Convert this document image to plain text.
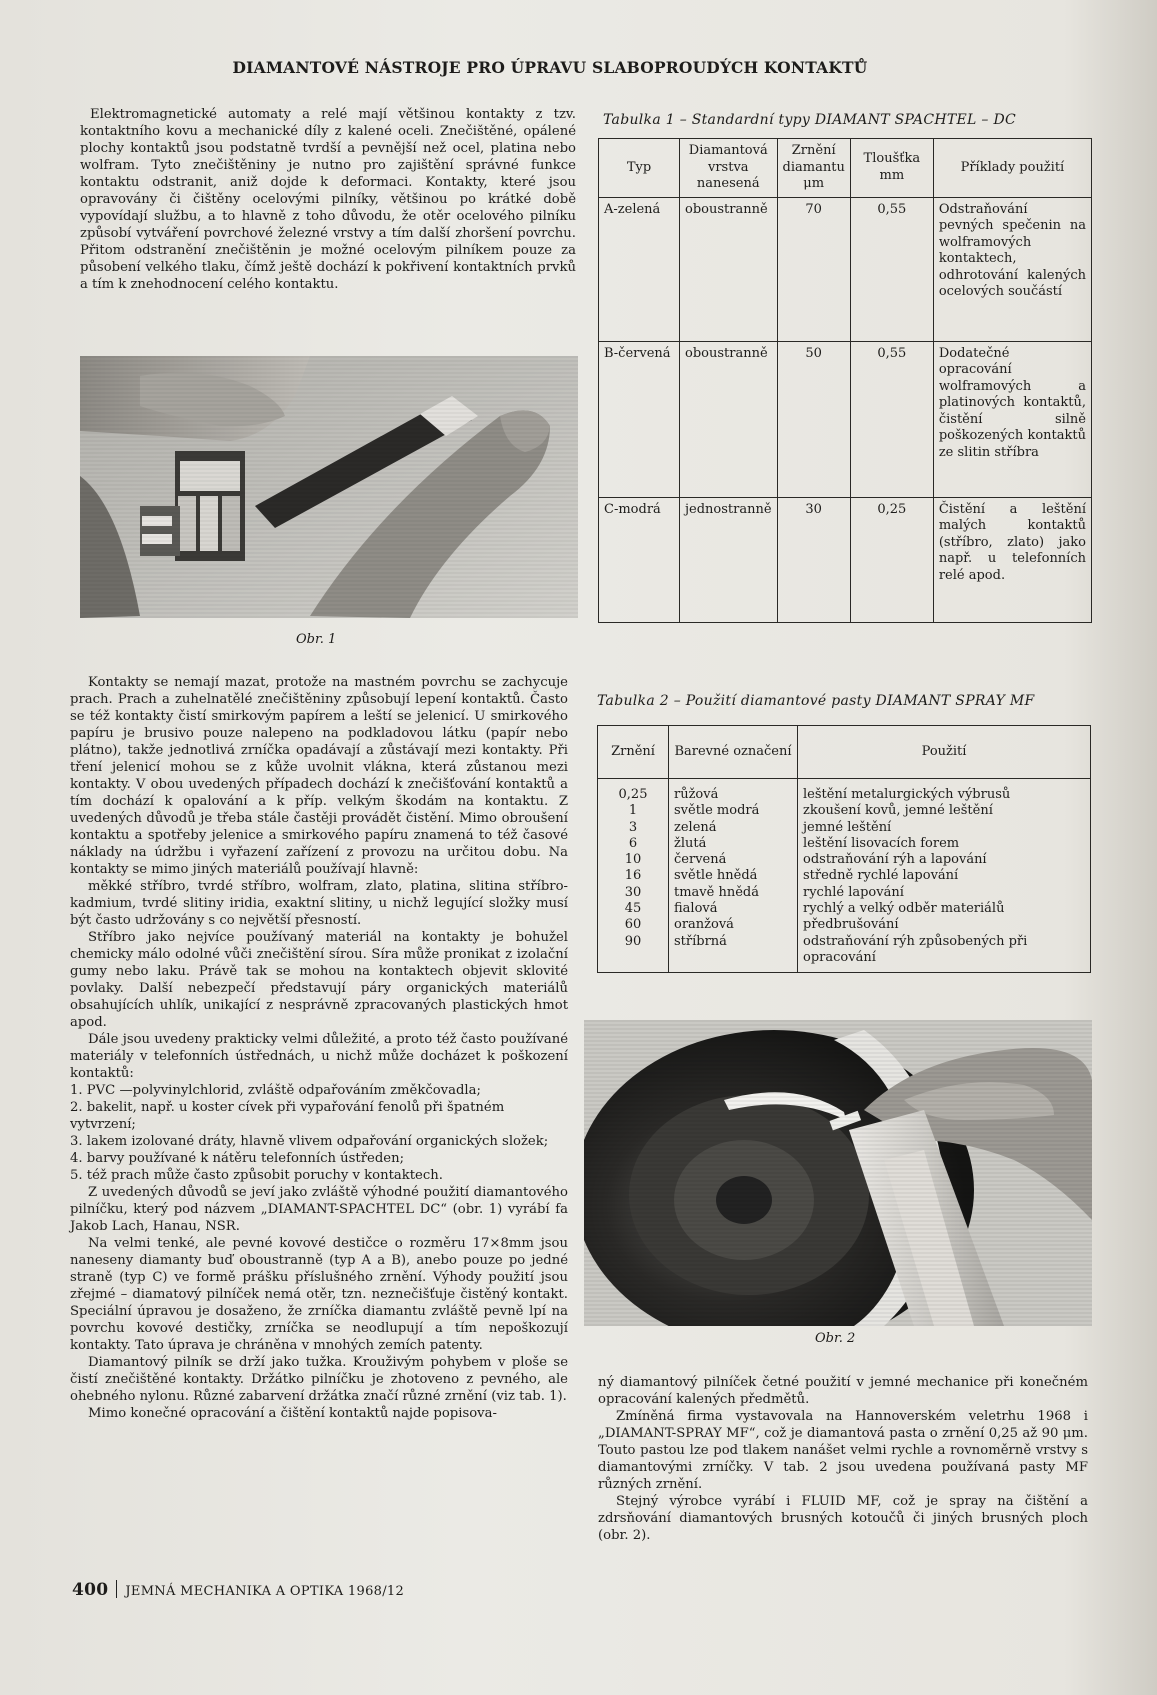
DIAMANTOVÉ NÁSTROJE PRO ÚPRAVU SLABOPROUDÝCH KONTAKTŮ

Elektromagnetické automaty a relé mají většinou kontakty z tzv. kontaktního kovu a mechanické díly z kalené oceli. Znečištěné, opálené plochy kontaktů jsou podstatně tvrdší a pevnější než ocel, platina nebo wolfram. Tyto znečištěniny je nutno pro zajištění správné funkce kontaktu odstranit, aniž dojde k deformaci. Kontakty, které jsou opravovány či čištěny ocelovými pilníky, většinou po krátké době vypovídají službu, a to hlavně z toho důvodu, že otěr ocelového pilníku způsobí vytváření povrchové železné vrstvy a tím další zhoršení povrchu. Přitom odstranění znečištěnin je možné ocelovým pilníkem pouze za působení velkého tlaku, čímž ještě dochází k pokřivení kontaktních prvků a tím k znehodnocení celého kontaktu.

Obr. 1

Kontakty se nemají mazat, protože na mastném povrchu se zachycuje prach. Prach a zuhelnatělé znečištěniny způsobují lepení kontaktů. Často se též kontakty čistí smirkovým papírem a leští se jelenicí. U smirkového papíru je brusivo pouze nalepeno na podkladovou látku (papír nebo plátno), takže jednotlivá zrníčka opadávají a zůstávají mezi kontakty. Při tření jelenicí mohou se z kůže uvolnit vlákna, která zůstanou mezi kontakty. V obou uvedených případech dochází k znečišťování kontaktů a tím dochází k opalování a k příp. velkým škodám na kontaktu. Z uvedených důvodů je třeba stále častěji provádět čistění. Mimo obroušení kontaktu a spotřeby jelenice a smirkového papíru znamená to též časové náklady na údržbu i vyřazení zařízení z provozu na určitou dobu. Na kontakty se mimo jiných materiálů používají hlavně:

měkké stříbro, tvrdé stříbro, wolfram, zlato, platina, slitina stříbro-kadmium, tvrdé slitiny iridia, exaktní slitiny, u nichž legující složky musí být často udržovány s co největší přesností.

Stříbro jako nejvíce používaný materiál na kontakty je bohužel chemicky málo odolné vůči znečištění sírou. Síra může pronikat z izolační gumy nebo laku. Právě tak se mohou na kontaktech objevit sklovité povlaky. Další nebezpečí představují páry organických materiálů obsahujících uhlík, unikající z nesprávně zpracovaných plastických hmot apod.

Dále jsou uvedeny prakticky velmi důležité, a proto též často používané materiály v telefonních ústřednách, u nichž může docházet k poškození kontaktů:

1. PVC —polyvinylchlorid, zvláště odpařováním změkčovadla;

2. bakelit, např. u koster cívek při vypařování fenolů při špatném vytvrzení;

3. lakem izolované dráty, hlavně vlivem odpařování organických složek;

4. barvy používané k nátěru telefonních ústředen;

5. též prach může často způsobit poruchy v kontaktech.

Z uvedených důvodů se jeví jako zvláště výhodné použití diamantového pilníčku, který pod názvem „DIAMANT-SPACHTEL DC“ (obr. 1) vyrábí fa Jakob Lach, Hanau, NSR.

Na velmi tenké, ale pevné kovové destičce o rozměru 17×8mm jsou naneseny diamanty buď oboustranně (typ A a B), anebo pouze po jedné straně (typ C) ve formě prášku příslušného zrnění. Výhody použití jsou zřejmé – diamatový pilníček nemá otěr, tzn. neznečišťuje čistěný kontakt. Speciální úpravou je dosaženo, že zrníčka diamantu zvláště pevně lpí na povrchu kovové destičky, zrníčka se neodlupují a tím nepoškozují kontakty. Tato úprava je chráněna v mnohých zemích patenty.

Diamantový pilník se drží jako tužka. Krouživým pohybem v ploše se čistí znečištěné kontakty. Držátko pilníčku je zhotoveno z pevného, ale ohebného nylonu. Různé zabarvení držátka značí různé zrnění (viz tab. 1).

Mimo konečné opracování a čištění kontaktů najde popisova-

Tabulka 1 – Standardní typy DIAMANT SPACHTEL – DC
Typ	Diamantová vrstva nanesená	Zrnění diamantu μm	Tloušťka mm	Příklady použití
A-zelená	oboustranně	70	0,55	Odstraňování pevných spečenin na wolframových kontaktech, odhrotování kalených ocelových součástí
B-červená	oboustranně	50	0,55	Dodatečné opracování wolframových a platinových kontaktů, čistění silně poškozených kontaktů ze slitin stříbra
C-modrá	jednostranně	30	0,25	Čistění a leštění malých kontaktů (stříbro, zlato) jako např. u telefonních relé apod.
Tabulka 2 – Použití diamantové pasty DIAMANT SPRAY MF
Zrnění	Barevné označení	Použití
0,25	růžová	leštění metalurgických výbrusů
1	světle modrá	zkoušení kovů, jemné leštění
3	zelená	jemné leštění
6	žlutá	leštění lisovacích forem
10	červená	odstraňování rýh a lapování
16	světle hnědá	středně rychlé lapování
30	tmavě hnědá	rychlé lapování
45	fialová	rychlý a velký odběr materiálů
60	oranžová	předbrušování
90	stříbrná	odstraňování rýh způsobených při opracování
Obr. 2

ný diamantový pilníček četné použití v jemné mechanice při konečném opracování kalených předmětů.

Zmíněná firma vystavovala na Hannoverském veletrhu 1968 i „DIAMANT-SPRAY MF“, což je diamantová pasta o zrnění 0,25 až 90 μm. Touto pastou lze pod tlakem nanášet velmi rychle a rovnoměrně vrstvy s diamantovými zrníčky. V tab. 2 jsou uvedena používaná pasty MF různých zrnění.

Stejný výrobce vyrábí i FLUID MF, což je spray na čištění a zdrsňování diamantových brusných kotoučů či jiných brusných ploch (obr. 2).

400 JEMNÁ MECHANIKA A OPTIKA 1968/12
